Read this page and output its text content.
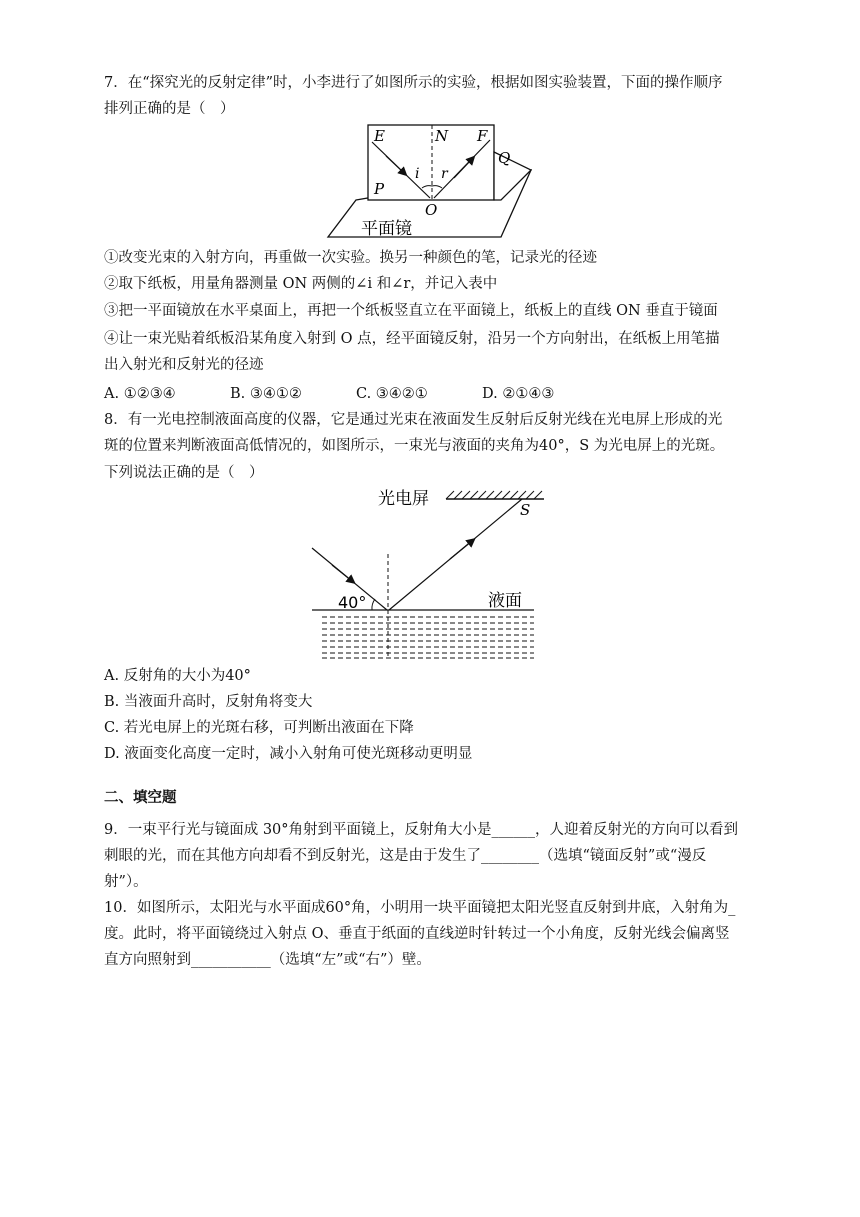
7．在“探究光的反射定律”时，小李进行了如图所示的实验，根据如图实验装置，下面的操作顺序
排列正确的是（　）
E	N F
Q
P
O
i r
平面镜
①改变光束的入射方向，再重做一次实验。换另一种颜色的笔，记录光的径迹
②取下纸板，用量角器测量 ON 两侧的∠i 和∠r，并记入表中
③把一平面镜放在水平桌面上，再把一个纸板竖直立在平面镜上，纸板上的直线 ON 垂直于镜面
④让一束光贴着纸板沿某角度入射到 O 点，经平面镜反射，沿另一个方向射出，在纸板上用笔描
出入射光和反射光的径迹
A. ①②③④	B. ③④①②	C. ③④②①	D. ②①④③
8．有一光电控制液面高度的仪器，它是通过光束在液面发生反射后反射光线在光电屏上形成的光
斑的位置来判断液面高低情况的，如图所示，一束光与液面的夹角为40°，S 为光电屏上的光斑。
下列说法正确的是（　）
光电屏
S
40°	液面
A. 反射角的大小为40°
B. 当液面升高时，反射角将变大
C. 若光电屏上的光斑右移，可判断出液面在下降
D. 液面变化高度一定时，减小入射角可使光斑移动更明显
二、填空题
9．一束平行光与镜面成 30°角射到平面镜上，反射角大小是______，人迎着反射光的方向可以看到
刺眼的光，而在其他方向却看不到反射光，这是由于发生了________（选填“镜面反射”或“漫反
射”）。
10．如图所示，太阳光与水平面成60°角，小明用一块平面镜把太阳光竖直反射到井底，入射角为_
度。此时，将平面镜绕过入射点 O、垂直于纸面的直线逆时针转过一个小角度，反射光线会偏离竖
直方向照射到___________（选填“左”或“右”）壁。
